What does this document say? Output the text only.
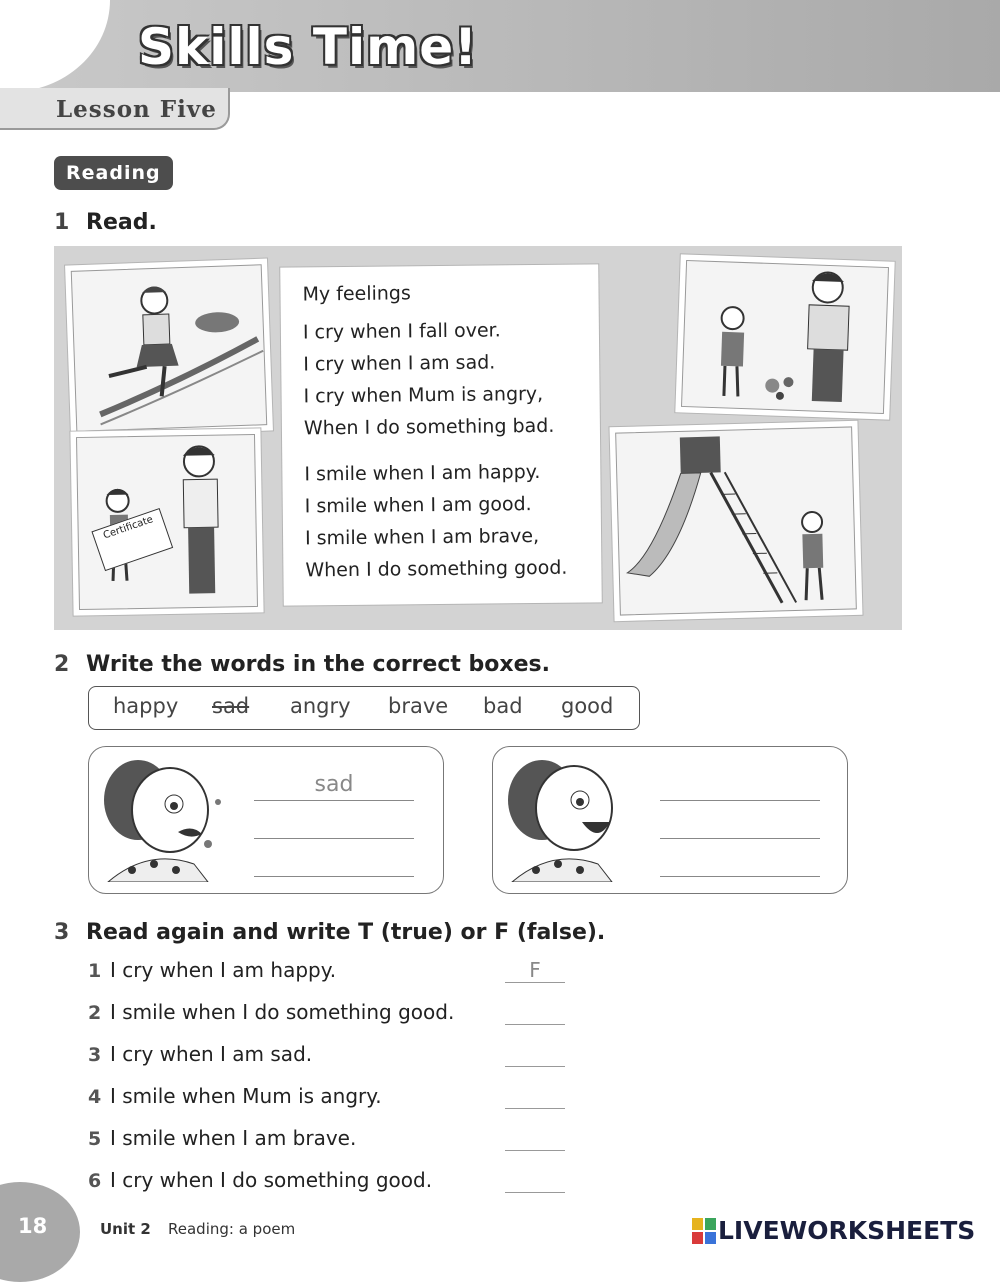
Skills Time!
Lesson Five
Reading
1 Read.
Certificate
My feelings
I cry when I fall over.
I cry when I am sad.
I cry when Mum is angry,
When I do something bad.
I smile when I am happy.
I smile when I am good.
I smile when I am brave,
When I do something good.
2 Write the words in the correct boxes.
happy sad angry brave bad good
sad
3 Read again and write T (true) or F (false).
1 I cry when I am happy.	F
2 I smile when I do something good.
3 I cry when I am sad.
4 I smile when Mum is angry.
5 I smile when I am brave.
6 I cry when I do something good.
18	Unit 2 Reading: a poem	LIVEWORKSHEETS
